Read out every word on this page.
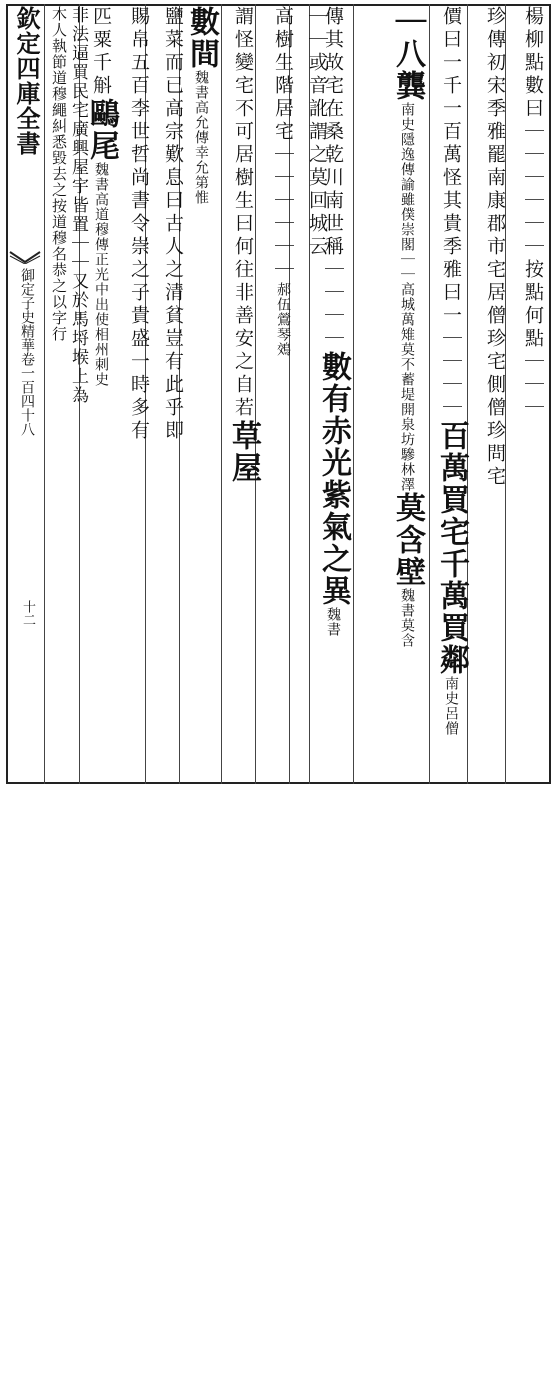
欽定四庫全書
御定子史精華卷一百四十八
十二
楊柳點數曰｜｜｜｜｜｜按點何點｜｜｜
珍傳初宋季雅罷南康郡市宅居僧珍宅側僧珍問宅
價曰一千一百萬怪其貴季雅曰一｜｜｜｜百萬買宅千萬買鄰南史呂僧
｜八龔南史隱逸傳諭雖僕崇閣｜｜高城萬雉莫不蓄堤開泉坊驂林澤莫含壁魏書莫含
傳其故宅在桑乾川南世稱｜｜｜｜數有赤光紫氣之異魏書
｜｜或音訛謂之莫回城云
高樹生階居宅｜｜｜｜｜｜郝伍鶯琴鵁
謂怪變宅不可居樹生曰何往非善安之自若草屋
數間魏書高允傳幸允第惟
鹽菜而已高宗歎息曰古人之清貧豈有此乎即
賜帛五百李世哲尚書令崇之子貴盛一時多有
匹粟千斛鷗尾魏書高道穆傳正光中出使相州刺史
非法逼買民宅廣興屋宇皆置｜｜又於馬埒堠上為
木人執節道穆繩糾悉毀去之按道穆名恭之以字行
